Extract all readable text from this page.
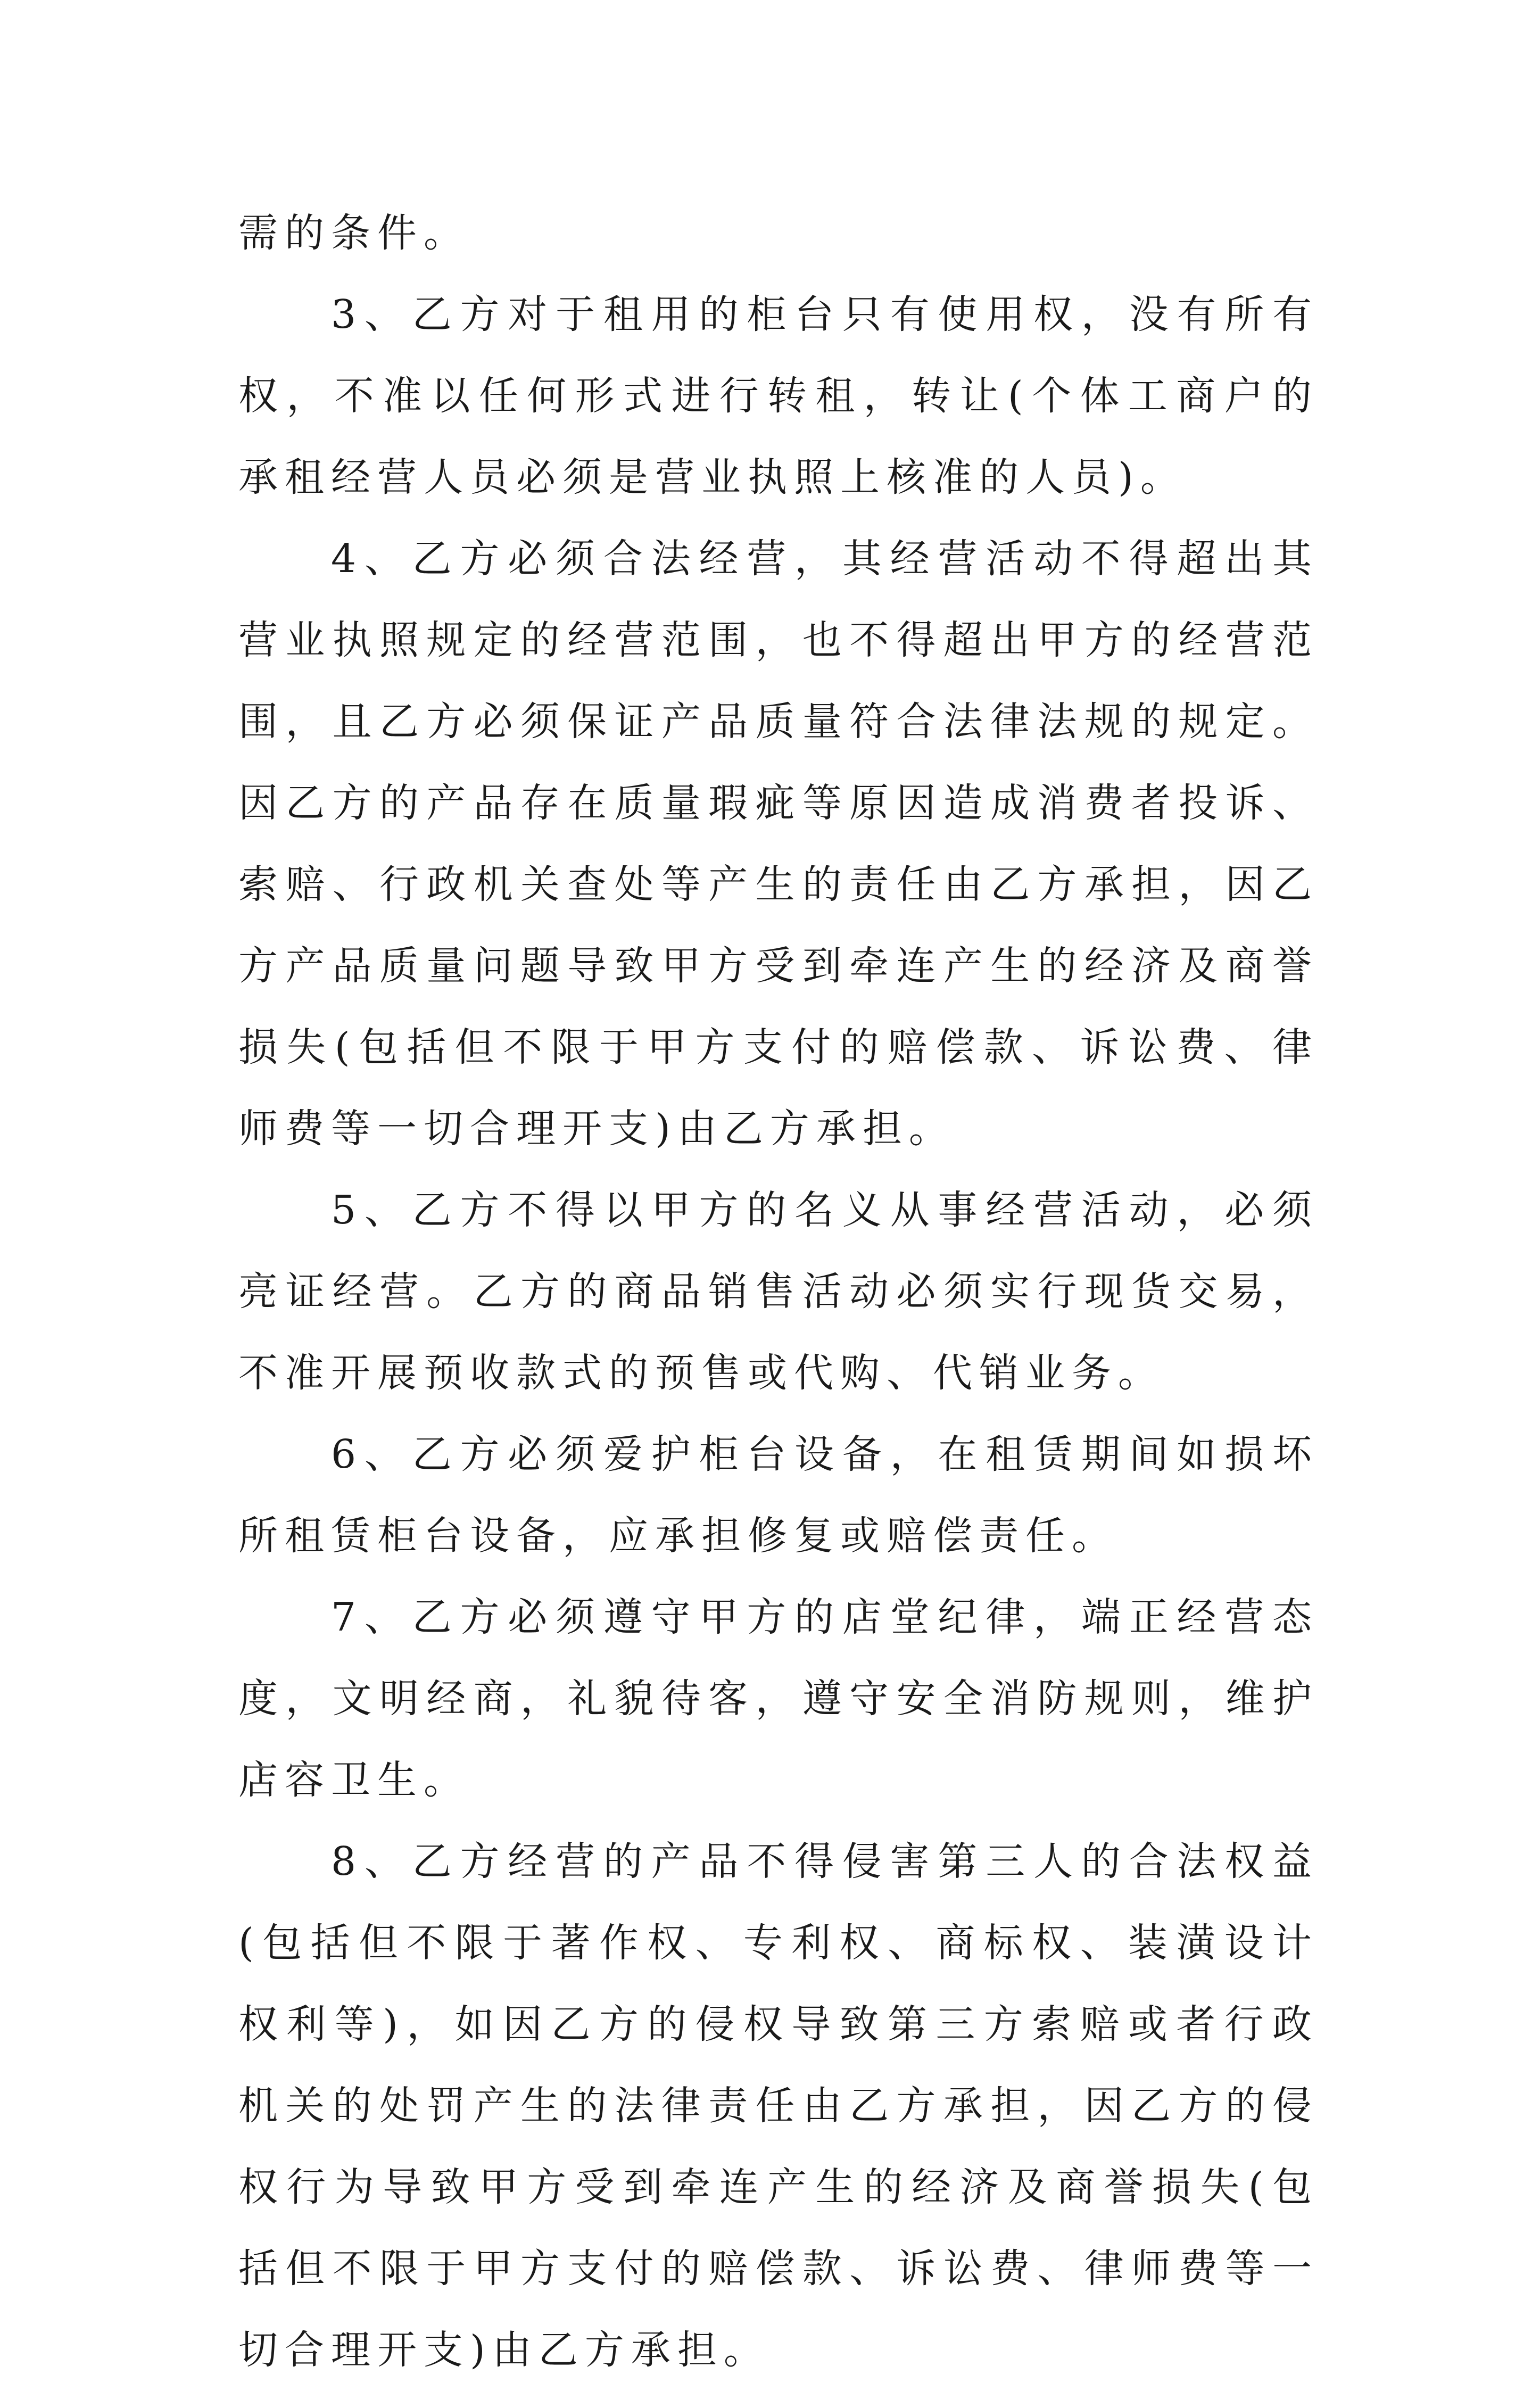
需的条件。

3、乙方对于租用的柜台只有使用权，没有所有权，不准以任何形式进行转租，转让(个体工商户的承租经营人员必须是营业执照上核准的人员)。

4、乙方必须合法经营，其经营活动不得超出其营业执照规定的经营范围，也不得超出甲方的经营范围，且乙方必须保证产品质量符合法律法规的规定。因乙方的产品存在质量瑕疵等原因造成消费者投诉、索赔、行政机关查处等产生的责任由乙方承担，因乙方产品质量问题导致甲方受到牵连产生的经济及商誉损失(包括但不限于甲方支付的赔偿款、诉讼费、律师费等一切合理开支)由乙方承担。

5、乙方不得以甲方的名义从事经营活动，必须亮证经营。乙方的商品销售活动必须实行现货交易，不准开展预收款式的预售或代购、代销业务。

6、乙方必须爱护柜台设备，在租赁期间如损坏所租赁柜台设备，应承担修复或赔偿责任。

7、乙方必须遵守甲方的店堂纪律，端正经营态度，文明经商，礼貌待客，遵守安全消防规则，维护店容卫生。

8、乙方经营的产品不得侵害第三人的合法权益(包括但不限于著作权、专利权、商标权、装潢设计权利等)，如因乙方的侵权导致第三方索赔或者行政机关的处罚产生的法律责任由乙方承担，因乙方的侵权行为导致甲方受到牵连产生的经济及商誉损失(包括但不限于甲方支付的赔偿款、诉讼费、律师费等一切合理开支)由乙方承担。
